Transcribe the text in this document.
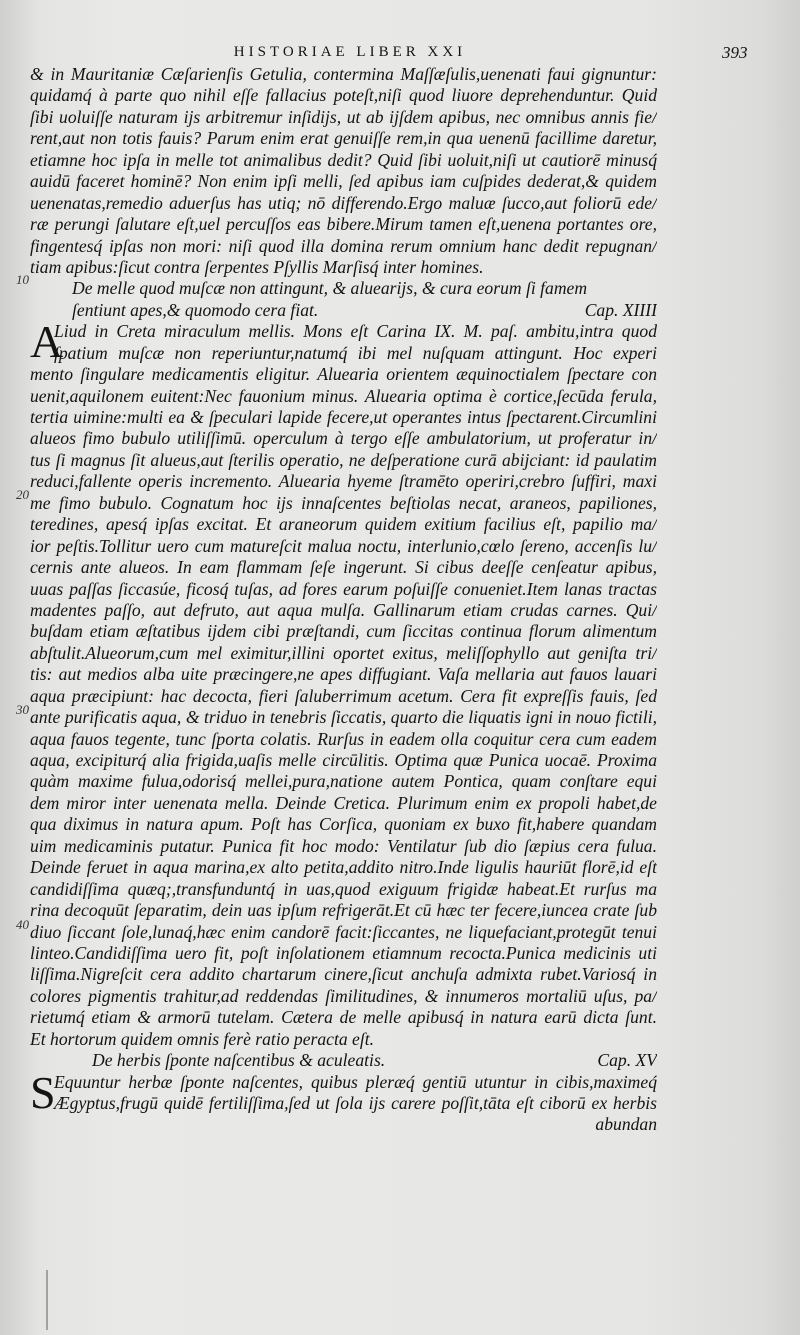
HISTORIAE LIBER XXI	393
10
20
30
40
& in Mauritaniæ Cæſarienſis Getulia, contermina Maſſæſulis,uenenati faui gignuntur:
quidamq́ à parte quo nihil eſſe fallacius poteſt,niſi quod liuore deprehenduntur. Quid
ſibi uoluiſſe naturam ijs arbitremur inſidijs, ut ab ijſdem apibus, nec omnibus annis fie/
rent,aut non totis fauis? Parum enim erat genuiſſe rem,in qua uenenū facillime daretur,
etiamne hoc ipſa in melle tot animalibus dedit? Quid ſibi uoluit,niſi ut cautiorē minusq́
auidū faceret hominē? Non enim ipſi melli, ſed apibus iam cuſpides dederat,& quidem
uenenatas,remedio aduerſus has utiq; nō differendo.Ergo maluæ ſucco,aut foliorū ede/
ræ perungi ſalutare eſt,uel percuſſos eas bibere.Mirum tamen eſt,uenena portantes ore,
fingentesq́ ipſas non mori: niſi quod illa domina rerum omnium hanc dedit repugnan/
tiam apibus:ſicut contra ſerpentes Pſyllis Marſisq́ inter homines.
De melle quod muſcæ non attingunt, & aluearijs, & cura eorum ſi famem
ſentiunt apes,& quomodo cera fiat.	Cap. XIIII
A
Liud in Creta miraculum mellis. Mons eſt Carina IX. M. paſ. ambitu,intra quod
ſpatium muſcæ non reperiuntur,natumq́ ibi mel nuſquam attingunt. Hoc experi
mento ſingulare medicamentis eligitur. Aluearia orientem æquinoctialem ſpectare con
uenit,aquilonem euitent:Nec fauonium minus. Aluearia optima è cortice,ſecūda ferula,
tertia uimine:multi ea & ſpeculari lapide fecere,ut operantes intus ſpectarent.Circumlini
alueos fimo bubulo utiliſſimū. operculum à tergo eſſe ambulatorium, ut proferatur in/
tus ſi magnus ſit alueus,aut ſterilis operatio, ne deſperatione curā abijciant: id paulatim
reduci,fallente operis incremento. Aluearia hyeme ſtramēto operiri,crebro ſuffiri, maxi
me fimo bubulo. Cognatum hoc ijs innaſcentes beſtiolas necat, araneos, papiliones,
teredines, apesq́ ipſas excitat. Et araneorum quidem exitium facilius eſt, papilio ma/
ior peſtis.Tollitur uero cum matureſcit malua noctu, interlunio,cœlo ſereno, accenſis lu/
cernis ante alueos. In eam flammam ſeſe ingerunt. Si cibus deeſſe cenſeatur apibus,
uuas paſſas ſiccasúe, ficosq́ tuſas, ad fores earum poſuiſſe conueniet.Item lanas tractas
madentes paſſo, aut defruto, aut aqua mulſa. Gallinarum etiam crudas carnes. Qui/
buſdam etiam æſtatibus ijdem cibi præſtandi, cum ſiccitas continua florum alimentum
abſtulit.Alueorum,cum mel eximitur,illini oportet exitus, meliſſophyllo aut geniſta tri/
tis: aut medios alba uite præcingere,ne apes diffugiant. Vaſa mellaria aut fauos lauari
aqua præcipiunt: hac decocta, fieri ſaluberrimum acetum. Cera fit expreſſis fauis, ſed
ante purificatis aqua, & triduo in tenebris ſiccatis, quarto die liquatis igni in nouo fictili,
aqua fauos tegente, tunc ſporta colatis. Rurſus in eadem olla coquitur cera cum eadem
aqua, excipiturq́ alia frigida,uaſis melle circūlitis. Optima quæ Punica uocaē. Proxima
quàm maxime fulua,odorisq́ mellei,pura,natione autem Pontica, quam conſtare equi
dem miror inter uenenata mella. Deinde Cretica. Plurimum enim ex propoli habet,de
qua diximus in natura apum. Poſt has Corſica, quoniam ex buxo fit,habere quandam
uim medicaminis putatur. Punica fit hoc modo: Ventilatur ſub dio ſæpius cera fulua.
Deinde feruet in aqua marina,ex alto petita,addito nitro.Inde ligulis hauriūt florē,id eſt
candidiſſima quæq;,transfunduntq́ in uas,quod exiguum frigidæ habeat.Et rurſus ma
rina decoquūt ſeparatim, dein uas ipſum refrigerāt.Et cū hæc ter fecere,iuncea crate ſub
diuo ſiccant ſole,lunaq́,hæc enim candorē facit:ſiccantes, ne liquefaciant,protegūt tenui
linteo.Candidiſſima uero fit, poſt inſolationem etiamnum recocta.Punica medicinis uti
liſſima.Nigreſcit cera addito chartarum cinere,ſicut anchuſa admixta rubet.Variosq́ in
colores pigmentis trahitur,ad reddendas ſimilitudines, & innumeros mortaliū uſus, pa/
rietumq́ etiam & armorū tutelam. Cætera de melle apibusq́ in natura earū dicta ſunt.
Et hortorum quidem omnis ferè ratio peracta eſt.
De herbis ſponte naſcentibus & aculeatis.	Cap. XV
S
Equuntur herbæ ſponte naſcentes, quibus pleræq́ gentiū utuntur in cibis,maximeq́
Ægyptus,frugū quidē fertiliſſima,ſed ut ſola ijs carere poſſit,tāta eſt ciborū ex herbis
abundan
